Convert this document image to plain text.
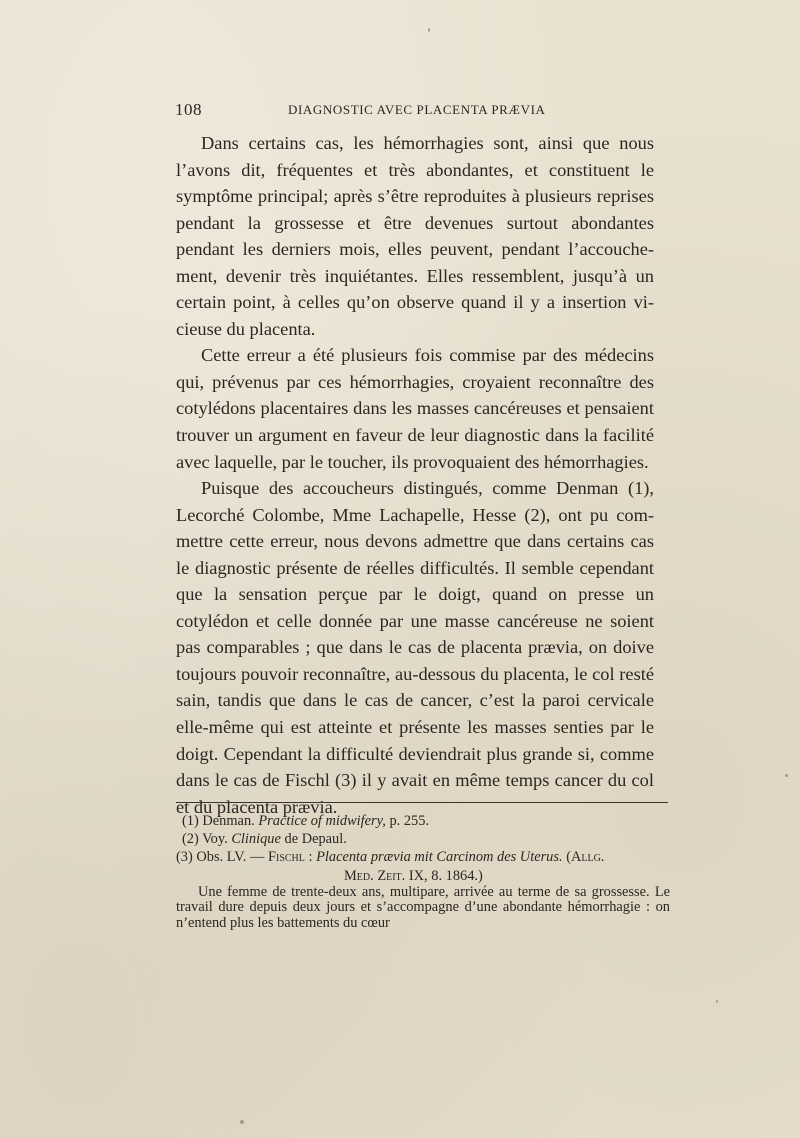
108	DIAGNOSTIC AVEC PLACENTA PRÆVIA

Dans certains cas, les hémorrhagies sont, ainsi que nous l’avons dit, fréquentes et très abondantes, et constituent le symptôme principal; après s’être reproduites à plusieurs reprises pendant la grossesse et être devenues surtout abondantes pendant les derniers mois, elles peuvent, pendant l’accouchement, devenir très inquiétantes. Elles ressemblent, jusqu’à un certain point, à celles qu’on observe quand il y a insertion vicieuse du placenta.

Cette erreur a été plusieurs fois commise par des médecins qui, prévenus par ces hémorrhagies, croyaient reconnaître des cotylédons placentaires dans les masses cancéreuses et pensaient trouver un argument en faveur de leur diagnostic dans la facilité avec laquelle, par le toucher, ils provoquaient des hémorrhagies.

Puisque des accoucheurs distingués, comme Denman (1), Lecorché Colombe, Mme Lachapelle, Hesse (2), ont pu commettre cette erreur, nous devons admettre que dans certains cas le diagnostic présente de réelles difficultés. Il semble cependant que la sensation perçue par le doigt, quand on presse un cotylédon et celle donnée par une masse cancéreuse ne soient pas comparables ; que dans le cas de placenta prævia, on doive toujours pouvoir reconnaître, au-dessous du placenta, le col resté sain, tandis que dans le cas de cancer, c’est la paroi cervicale elle-même qui est atteinte et présente les masses senties par le doigt. Cependant la difficulté deviendrait plus grande si, comme dans le cas de Fischl (3) il y avait en même temps cancer du col et du placenta prævia.

(1) Denman. Practice of midwifery, p. 255.

(2) Voy. Clinique de Depaul.

(3) Obs. LV. — Fischl : Placenta prævia mit Carcinom des Uterus. (Allg.

Med. Zeit. IX, 8. 1864.)

Une femme de trente-deux ans, multipare, arrivée au terme de sa grossesse. Le travail dure depuis deux jours et s’accompagne d’une abondante hémorrhagie : on n’entend plus les battements du cœur
